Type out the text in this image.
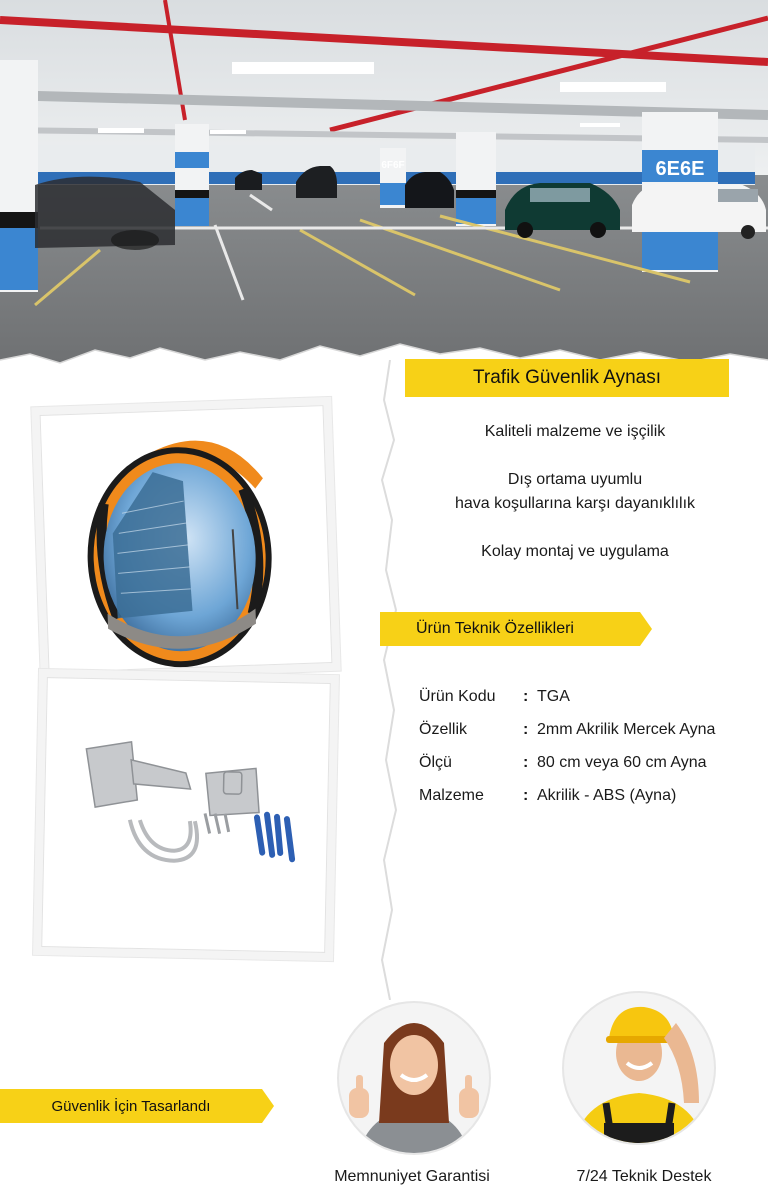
6E6E
6F6F
Trafik Güvenlik Aynası

Kaliteli malzeme ve işçilik

Dış ortama uyumlu
hava koşullarına karşı dayanıklılık

Kolay montaj ve uygulama

Ürün Teknik Özellikleri
Ürün Kodu	: TGA
Özellik	: 2mm Akrilik Mercek Ayna
Ölçü	: 80 cm veya 60 cm Ayna
Malzeme	: Akrilik - ABS (Ayna)
Güvenlik İçin Tasarlandı
Memnuniyet Garantisi	7/24 Teknik Destek
